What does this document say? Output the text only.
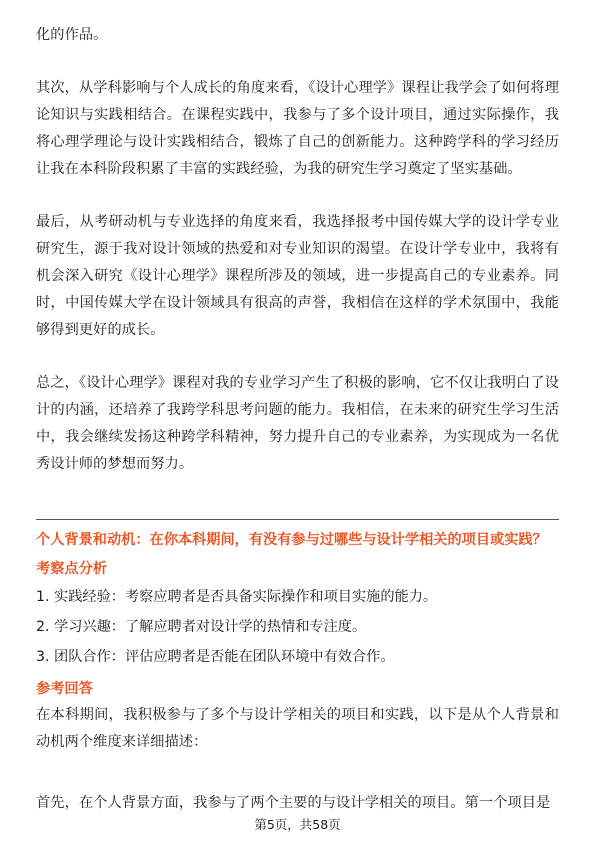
化的作品。

其次，从学科影响与个人成长的角度来看，《设计心理学》课程让我学会了如何将理论知识与实践相结合。在课程实践中，我参与了多个设计项目，通过实际操作，我将心理学理论与设计实践相结合，锻炼了自己的创新能力。这种跨学科的学习经历让我在本科阶段积累了丰富的实践经验，为我的研究生学习奠定了坚实基础。

最后，从考研动机与专业选择的角度来看，我选择报考中国传媒大学的设计学专业研究生，源于我对设计领域的热爱和对专业知识的渴望。在设计学专业中，我将有机会深入研究《设计心理学》课程所涉及的领域，进一步提高自己的专业素养。同时，中国传媒大学在设计领域具有很高的声誉，我相信在这样的学术氛围中，我能够得到更好的成长。

总之，《设计心理学》课程对我的专业学习产生了积极的影响，它不仅让我明白了设计的内涵，还培养了我跨学科思考问题的能力。我相信，在未来的研究生学习生活中，我会继续发扬这种跨学科精神，努力提升自己的专业素养，为实现成为一名优秀设计师的梦想而努力。

个人背景和动机：在你本科期间，有没有参与过哪些与设计学相关的项目或实践？
考察点分析
1. 实践经验：考察应聘者是否具备实际操作和项目实施的能力。
2. 学习兴趣：了解应聘者对设计学的热情和专注度。
3. 团队合作：评估应聘者是否能在团队环境中有效合作。
参考回答

在本科期间，我积极参与了多个与设计学相关的项目和实践，以下是从个人背景和动机两个维度来详细描述：

首先，在个人背景方面，我参与了两个主要的与设计学相关的项目。第一个项目是

第5页，共58页
